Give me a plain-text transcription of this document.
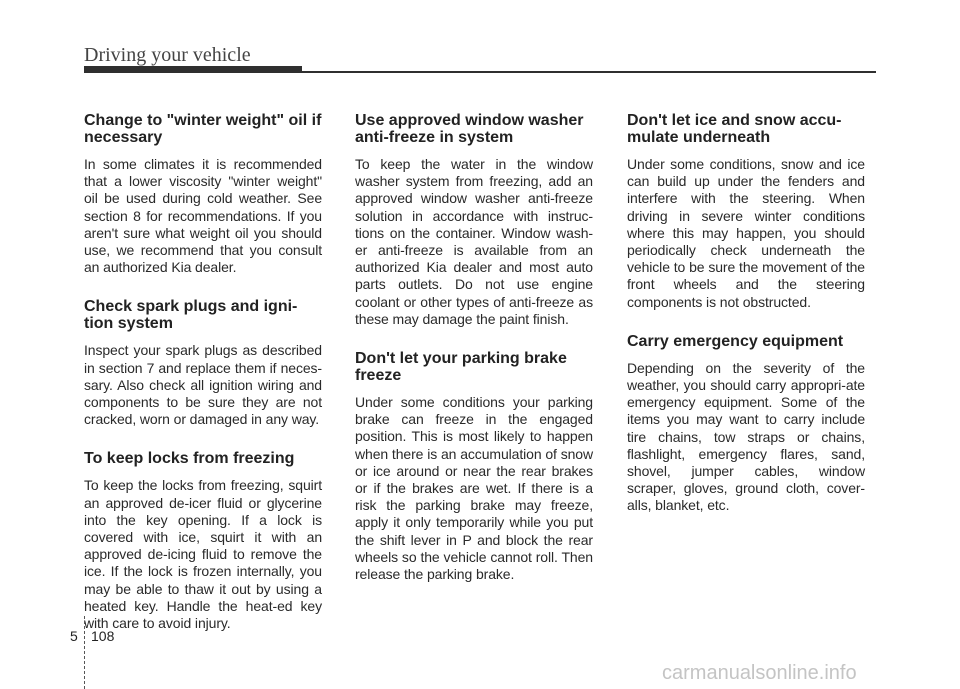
Driving your vehicle
Change to "winter weight" oil if necessary

In some climates it is recommended that a lower viscosity "winter weight" oil be used during cold weather. See section 8 for recommendations. If you aren't sure what weight oil you should use, we recommend that you consult an authorized Kia dealer.

Check spark plugs and igni-tion system

Inspect your spark plugs as described in section 7 and replace them if neces-sary. Also check all ignition wiring and components to be sure they are not cracked, worn or damaged in any way.

To keep locks from freezing

To keep the locks from freezing, squirt an approved de-icer fluid or glycerine into the key opening. If a lock is covered with ice, squirt it with an approved de-icing fluid to remove the ice. If the lock is frozen internally, you may be able to thaw it out by using a heated key. Handle the heat-ed key with care to avoid injury.

Use approved window washer anti-freeze in system

To keep the water in the window washer system from freezing, add an approved window washer anti-freeze solution in accordance with instruc-tions on the container. Window wash-er anti-freeze is available from an authorized Kia dealer and most auto parts outlets. Do not use engine coolant or other types of anti-freeze as these may damage the paint finish.

Don't let your parking brake freeze

Under some conditions your parking brake can freeze in the engaged position. This is most likely to happen when there is an accumulation of snow or ice around or near the rear brakes or if the brakes are wet. If there is a risk the parking brake may freeze, apply it only temporarily while you put the shift lever in P and block the rear wheels so the vehicle cannot roll. Then release the parking brake.

Don't let ice and snow accu-mulate underneath

Under some conditions, snow and ice can build up under the fenders and interfere with the steering. When driving in severe winter conditions where this may happen, you should periodically check underneath the vehicle to be sure the movement of the front wheels and the steering components is not obstructed.

Carry emergency equipment

Depending on the severity of the weather, you should carry appropri-ate emergency equipment. Some of the items you may want to carry include tire chains, tow straps or chains, flashlight, emergency flares, sand, shovel, jumper cables, window scraper, gloves, ground cloth, cover-alls, blanket, etc.

5 108
carmanualsonline.info
